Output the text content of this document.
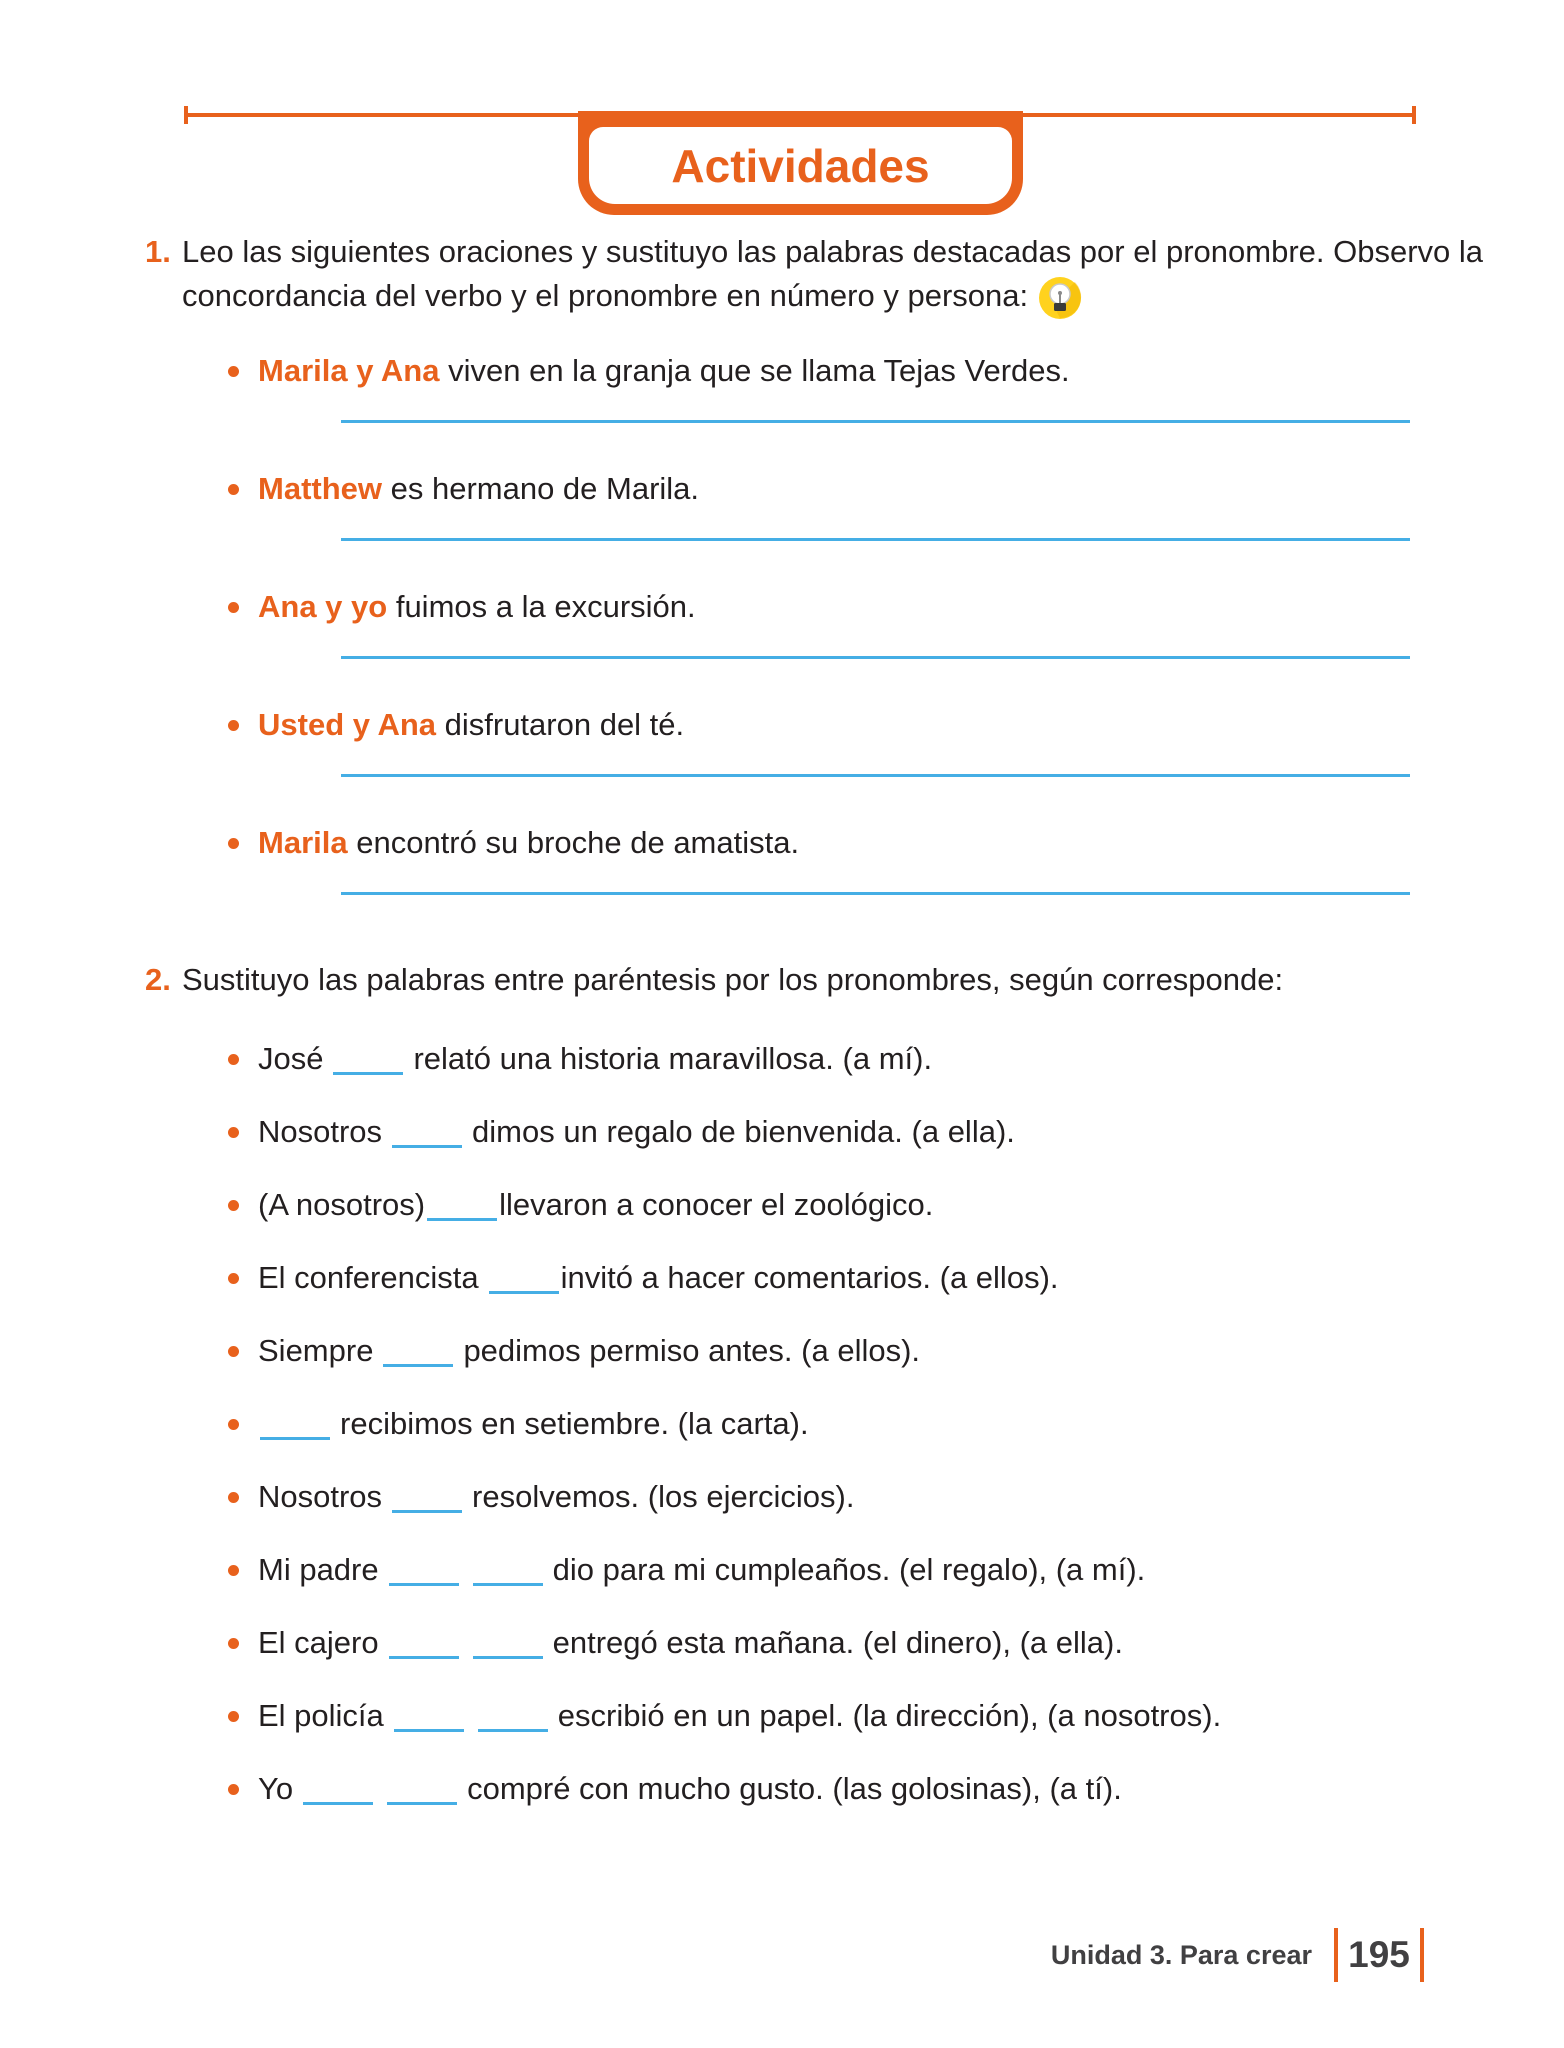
Actividades
1. Leo las siguientes oraciones y sustituyo las palabras destacadas por el pronombre. Observo la
concordancia del verbo y el pronombre en número y persona:
Marila y Ana viven en la granja que se llama Tejas Verdes.
Matthew es hermano de Marila.
Ana y yo fuimos a la excursión.
Usted y Ana disfrutaron del té.
Marila encontró su broche de amatista.
2. Sustituyo las palabras entre paréntesis por los pronombres, según corresponde:
José	relató una historia maravillosa. (a mí).
Nosotros	dimos un regalo de bienvenida. (a ella).
(A nosotros) llevaron a conocer el zoológico.
El conferencista	invitó a hacer comentarios. (a ellos).
Siempre	pedimos permiso antes. (a ellos).
recibimos en setiembre. (la carta).
Nosotros	resolvemos. (los ejercicios).
Mi padre	dio para mi cumpleaños. (el regalo), (a mí).
El cajero	entregó esta mañana. (el dinero), (a ella).
El policía	escribió en un papel. (la dirección), (a nosotros).
Yo	compré con mucho gusto. (las golosinas), (a tí).
Unidad 3. Para crear 195
